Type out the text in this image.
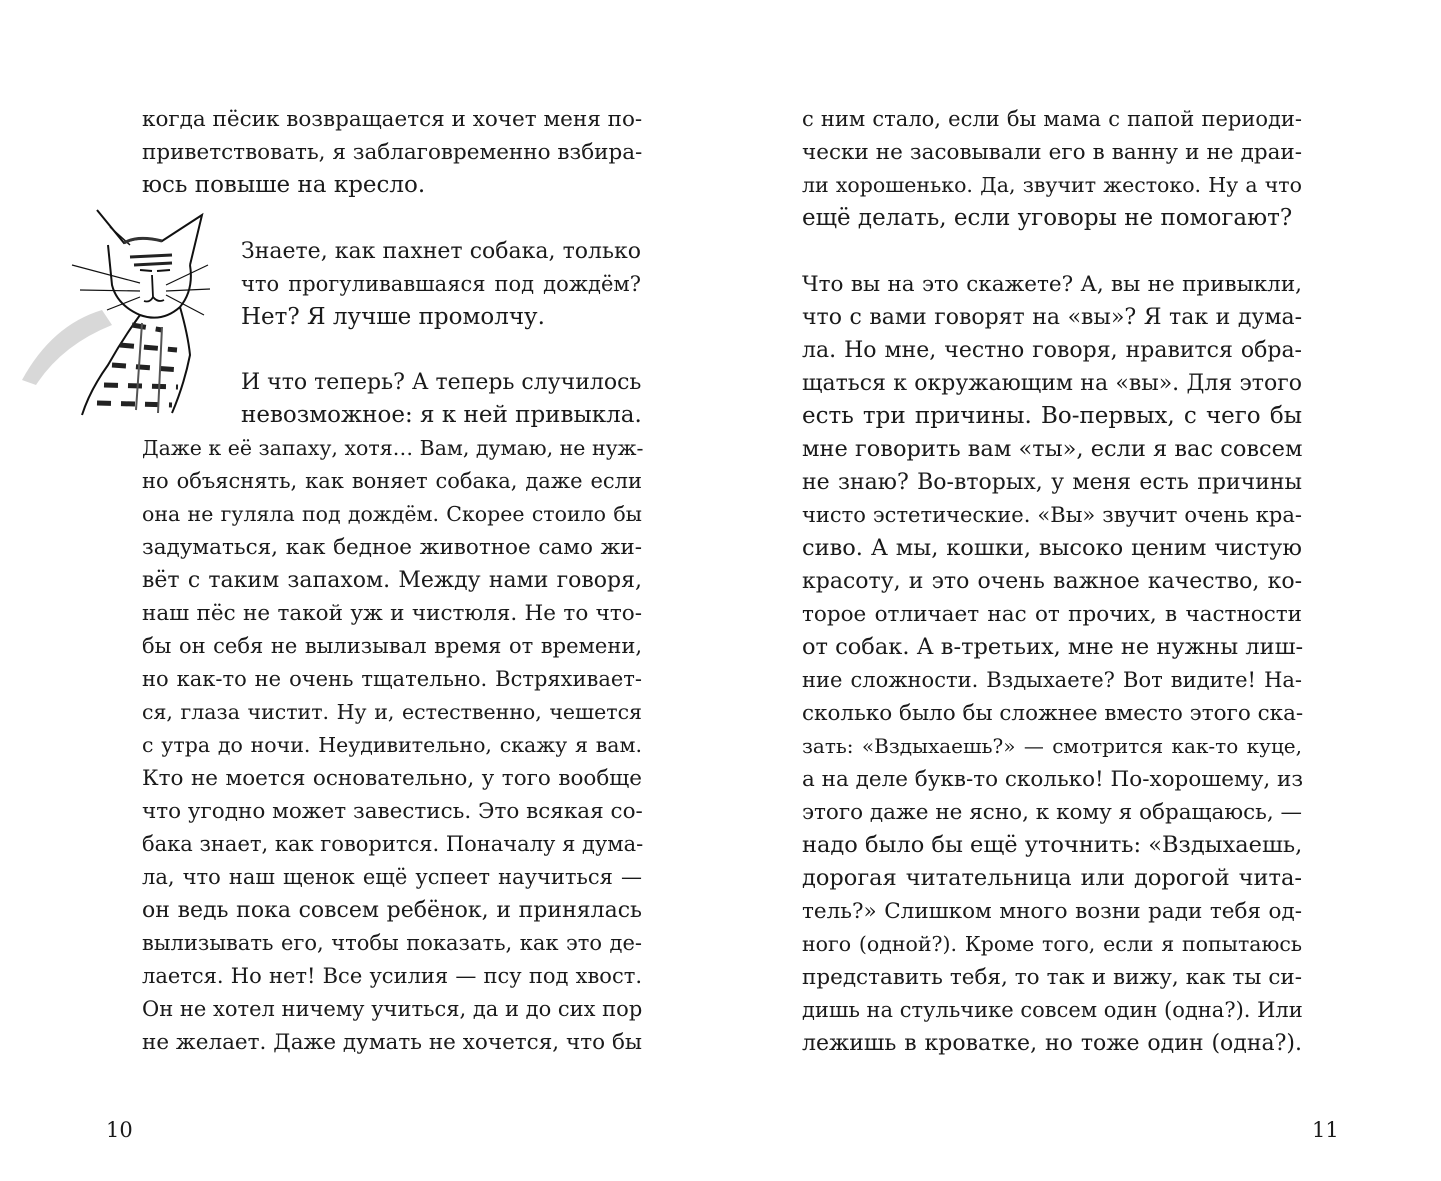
когда пёсик возвращается и хочет меня по-

приветствовать, я заблаговременно взбира-

юсь повыше на кресло.

Знаете, как пахнет собака, только

что прогуливавшаяся под дождём?

Нет? Я лучше промолчу.

И что теперь? А теперь случилось

невозможное: я к ней привыкла.

Даже к её запаху, хотя… Вам, думаю, не нуж-

но объяснять, как воняет собака, даже если

она не гуляла под дождём. Скорее стоило бы

задуматься, как бедное животное само жи-

вёт с таким запахом. Между нами говоря,

наш пёс не такой уж и чистюля. Не то что-

бы он себя не вылизывал время от времени,

но как-то не очень тщательно. Встряхивает-

ся, глаза чистит. Ну и, естественно, чешется

с утра до ночи. Неудивительно, скажу я вам.

Кто не моется основательно, у того вообще

что угодно может завестись. Это всякая со-

бака знает, как говорится. Поначалу я дума-

ла, что наш щенок ещё успеет научиться —

он ведь пока совсем ребёнок, и принялась

вылизывать его, чтобы показать, как это де-

лается. Но нет! Все усилия — псу под хвост.

Он не хотел ничему учиться, да и до сих пор

не желает. Даже думать не хочется, что бы

10

с ним стало, если бы мама с папой периоди-

чески не засовывали его в ванну и не драи-

ли хорошенько. Да, звучит жестоко. Ну а что

ещё делать, если уговоры не помогают?

Что вы на это скажете? А, вы не привыкли,

что с вами говорят на «вы»? Я так и дума-

ла. Но мне, честно говоря, нравится обра-

щаться к окружающим на «вы». Для этого

есть три причины. Во-первых, с чего бы

мне говорить вам «ты», если я вас совсем

не знаю? Во-вторых, у меня есть причины

чисто эстетические. «Вы» звучит очень кра-

сиво. А мы, кошки, высоко ценим чистую

красоту, и это очень важное качество, ко-

торое отличает нас от прочих, в частности

от собак. А в-третьих, мне не нужны лиш-

ние сложности. Вздыхаете? Вот видите! На-

сколько было бы сложнее вместо этого ска-

зать: «Вздыхаешь?» — смотрится как-то куце,

а на деле букв-то сколько! По-хорошему, из

этого даже не ясно, к кому я обращаюсь, —

надо было бы ещё уточнить: «Вздыхаешь,

дорогая читательница или дорогой чита-

тель?» Слишком много возни ради тебя од-

ного (одной?). Кроме того, если я попытаюсь

представить тебя, то так и вижу, как ты си-

дишь на стульчике совсем один (одна?). Или

лежишь в кроватке, но тоже один (одна?).

11
